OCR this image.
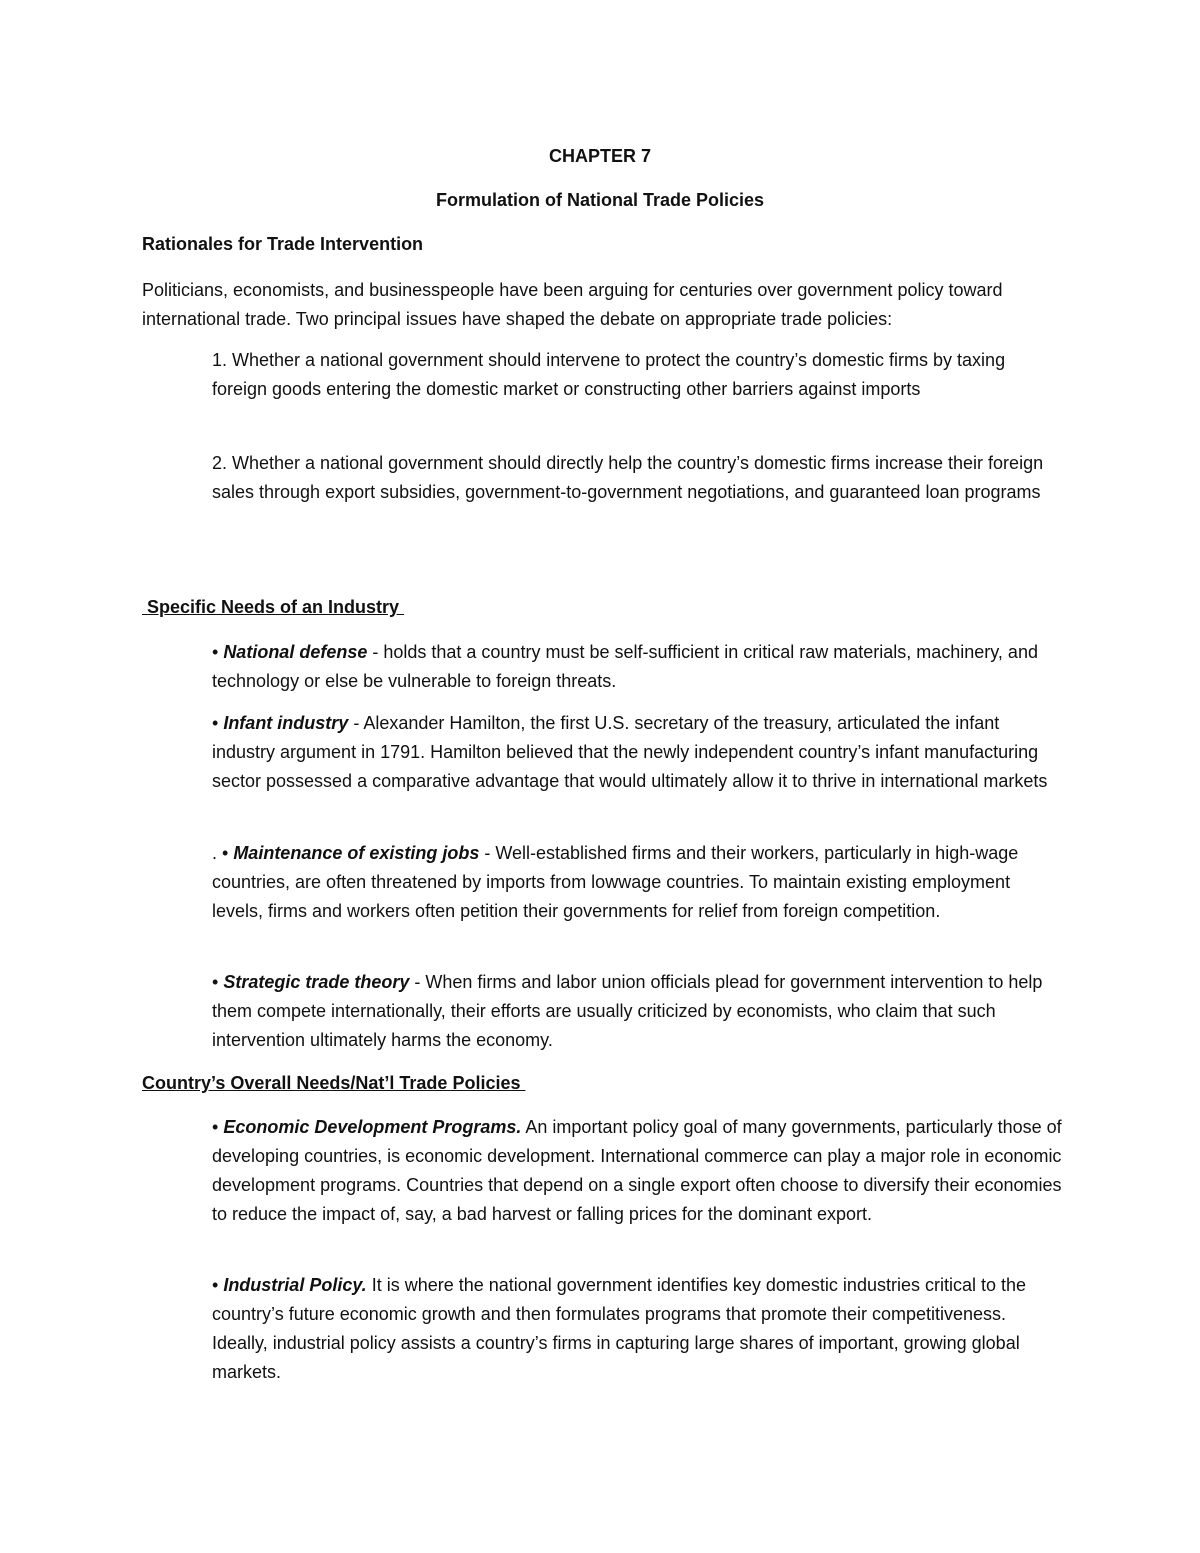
CHAPTER 7
Formulation of National Trade Policies
Rationales for Trade Intervention

Politicians, economists, and businesspeople have been arguing for centuries over government policy toward international trade. Two principal issues have shaped the debate on appropriate trade policies:

1. Whether a national government should intervene to protect the country’s domestic firms by taxing foreign goods entering the domestic market or constructing other barriers against imports

2. Whether a national government should directly help the country’s domestic firms increase their foreign sales through export subsidies, government-to-government negotiations, and guaranteed loan programs

Specific Needs of an Industry

• National defense - holds that a country must be self-sufficient in critical raw materials, machinery, and technology or else be vulnerable to foreign threats.

• Infant industry - Alexander Hamilton, the first U.S. secretary of the treasury, articulated the infant industry argument in 1791. Hamilton believed that the newly independent country’s infant manufacturing sector possessed a comparative advantage that would ultimately allow it to thrive in international markets

. • Maintenance of existing jobs - Well-established firms and their workers, particularly in high-wage countries, are often threatened by imports from lowwage countries. To maintain existing employment levels, firms and workers often petition their governments for relief from foreign competition.

• Strategic trade theory - When firms and labor union officials plead for government intervention to help them compete internationally, their efforts are usually criticized by economists, who claim that such intervention ultimately harms the economy.

Country’s Overall Needs/Nat’l Trade Policies

• Economic Development Programs. An important policy goal of many governments, particularly those of developing countries, is economic development. International commerce can play a major role in economic development programs. Countries that depend on a single export often choose to diversify their economies to reduce the impact of, say, a bad harvest or falling prices for the dominant export.

• Industrial Policy. It is where the national government identifies key domestic industries critical to the country’s future economic growth and then formulates programs that promote their competitiveness. Ideally, industrial policy assists a country’s firms in capturing large shares of important, growing global markets.
